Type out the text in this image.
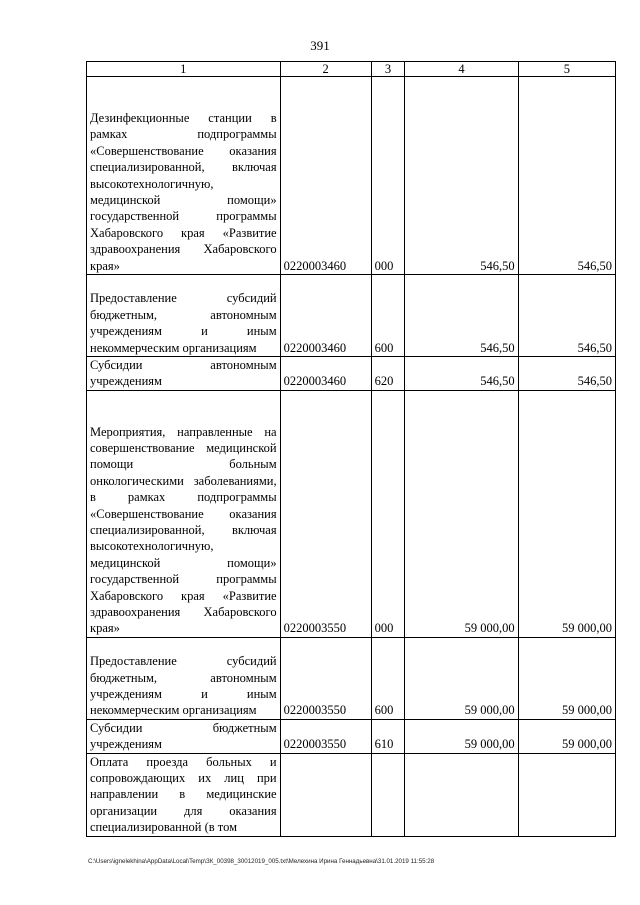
391
1	2	3	4	5
Дезинфекционные станции в рамках подпрограммы «Совершенствование оказания специализированной, включая высокотехнологичную, медицинской помощи» государственной программы Хабаровского края «Развитие здравоохранения Хабаровского края»	0220003460	000	546,50	546,50
Предоставление субсидий бюджетным, автономным учреждениям и иным некоммерческим организациям	0220003460	600	546,50	546,50
Субсидии автономным учреждениям	0220003460	620	546,50	546,50
Мероприятия, направленные на совершенствование медицинской помощи больным онкологическими заболеваниями, в рамках подпрограммы «Совершенствование оказания специализированной, включая высокотехнологичную, медицинской помощи» государственной программы Хабаровского края «Развитие здравоохранения Хабаровского края»	0220003550	000	59 000,00	59 000,00
Предоставление субсидий бюджетным, автономным учреждениям и иным некоммерческим организациям	0220003550	600	59 000,00	59 000,00
Субсидии бюджетным учреждениям	0220003550	610	59 000,00	59 000,00
Оплата проезда больных и сопровождающих их лиц при направлении в медицинские организации для оказания специализированной (в том				
C:\Users\ignelekhina\AppData\Local\Temp\ЗК_00398_30012019_005.txt\Мелехина Ирина Геннадьевна\31.01.2019 11:55:28
